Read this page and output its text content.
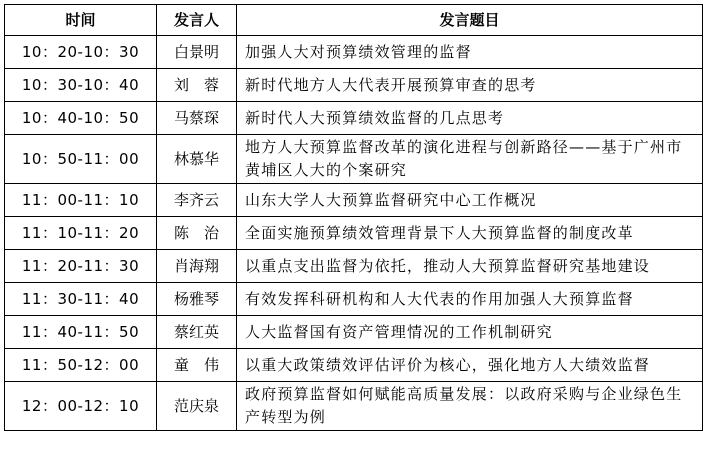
时间	发言人	发言题目
10：20-10：30	白景明	加强人大对预算绩效管理的监督
10：30-10：40	刘　蓉	新时代地方人大代表开展预算审查的思考
10：40-10：50	马蔡琛	新时代人大预算绩效监督的几点思考
10：50-11：00	林慕华	地方人大预算监督改革的演化进程与创新路径——基于广州市黄埔区人大的个案研究
11：00-11：10	李齐云	山东大学人大预算监督研究中心工作概况
11：10-11：20	陈　治	全面实施预算绩效管理背景下人大预算监督的制度改革
11：20-11：30	肖海翔	以重点支出监督为依托，推动人大预算监督研究基地建设
11：30-11：40	杨雅琴	有效发挥科研机构和人大代表的作用加强人大预算监督
11：40-11：50	蔡红英	人大监督国有资产管理情况的工作机制研究
11：50-12：00	童　伟	以重大政策绩效评估评价为核心，强化地方人大绩效监督
12：00-12：10	范庆泉	政府预算监督如何赋能高质量发展：以政府采购与企业绿色生产转型为例
